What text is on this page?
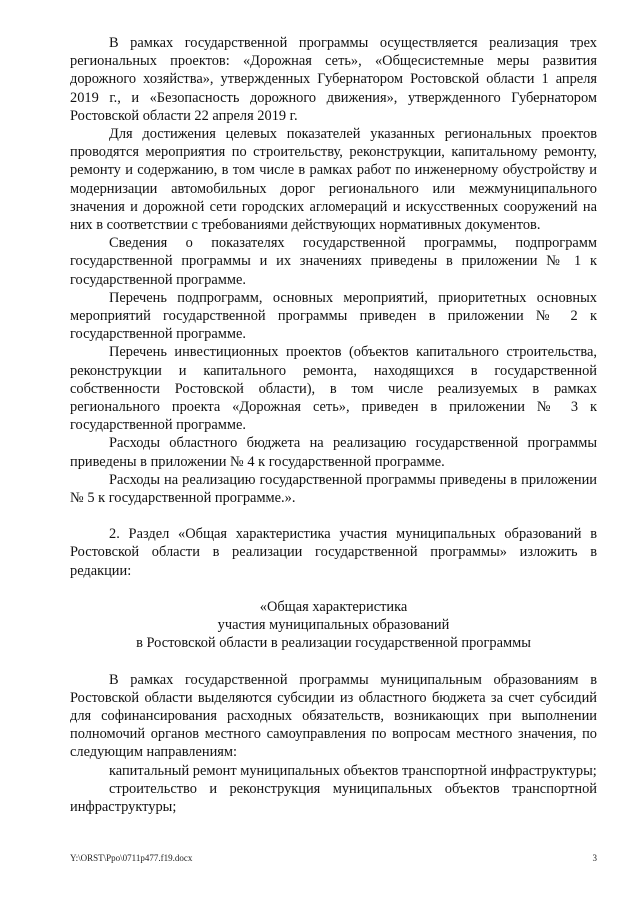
В рамках государственной программы осуществляется реализация трех региональных проектов: «Дорожная сеть», «Общесистемные меры развития дорожного хозяйства», утвержденных Губернатором Ростовской области 1 апреля 2019 г., и «Безопасность дорожного движения», утвержденного Губернатором Ростовской области 22 апреля 2019 г.

Для достижения целевых показателей указанных региональных проектов проводятся мероприятия по строительству, реконструкции, капитальному ремонту, ремонту и содержанию, в том числе в рамках работ по инженерному обустройству и модернизации автомобильных дорог регионального или межмуниципального значения и дорожной сети городских агломераций и искусственных сооружений на них в соответствии с требованиями действующих нормативных документов.

Сведения о показателях государственной программы, подпрограмм государственной программы и их значениях приведены в приложении № 1 к государственной программе.

Перечень подпрограмм, основных мероприятий, приоритетных основных мероприятий государственной программы приведен в приложении № 2 к государственной программе.

Перечень инвестиционных проектов (объектов капитального строительства, реконструкции и капитального ремонта, находящихся в государственной собственности Ростовской области), в том числе реализуемых в рамках регионального проекта «Дорожная сеть», приведен в приложении № 3 к государственной программе.

Расходы областного бюджета на реализацию государственной программы приведены в приложении № 4 к государственной программе.

Расходы на реализацию государственной программы приведены в приложении № 5 к государственной программе.».

2. Раздел «Общая характеристика участия муниципальных образований в Ростовской области в реализации государственной программы» изложить в редакции:

«Общая характеристика

участия муниципальных образований

в Ростовской области в реализации государственной программы

В рамках государственной программы муниципальным образованиям в Ростовской области выделяются субсидии из областного бюджета за счет субсидий для софинансирования расходных обязательств, возникающих при выполнении полномочий органов местного самоуправления по вопросам местного значения, по следующим направлениям:

капитальный ремонт муниципальных объектов транспортной инфраструктуры;

строительство и реконструкция муниципальных объектов транспортной инфраструктуры;

Y:\ORST\Ppo\0711p477.f19.docx	3
